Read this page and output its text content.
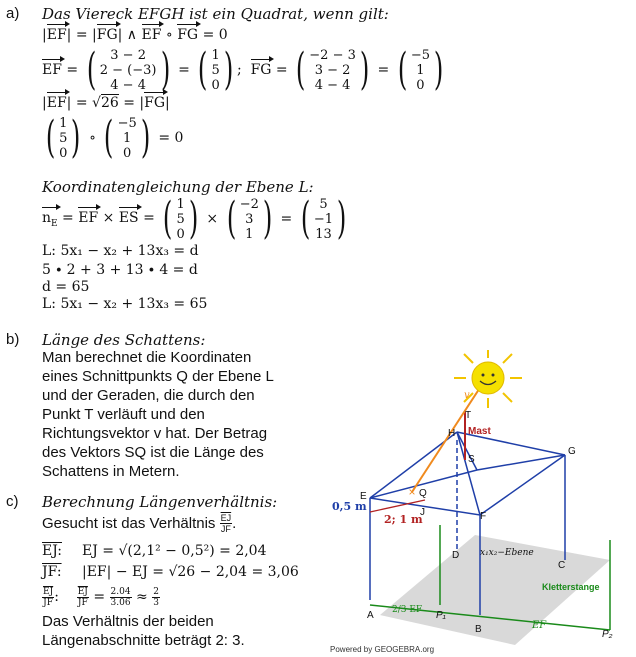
a) Das Viereck EFGH ist ein Quadrat, wenn gilt:
|EF| = |FG| ∧ EF ∘ FG = 0
EF = ( 3 − 2
2 − (−3)
4 − 4 ) = ( 1
5
0 ) ; FG = ( −2 − 3
3 − 2
4 − 4 ) = ( −5
1
0 )
|EF| = √26 = |FG|
( 1
5
0 ) ∘ ( −5
1
0 )
= 0
Koordinatengleichung der Ebene L:
$n_E$ = EF × ES =
( 1
5
0 ) × ( −2
3
1 ) = ( 5
−1
13 )
L: 5x₁ − x₂ + 13x₃ = d
5 ∙ 2 + 3 + 13 ∙ 4 = d
d = 65
L: 5x₁ − x₂ + 13x₃ = 65
b) Länge des Schattens:
Man berechnet die Koordinaten
eines Schnittpunkts Q der Ebene L
und der Geraden, die durch den
Punkt T verläuft und den
Richtungsvektor v hat. Der Betrag
des Vektors SQ ist die Länge des
Schattens in Metern.
c) Berechnung Längenverhältnis:
Gesucht ist das Verhältnis
$\frac{\overline{EJ}}{JF}$ .
EJ: EJ = √(2,1² − 0,5²) = 2,04
JF: |EF| − EJ = √26 − 2,04 = 3,06
$\frac{\overline{EJ}}{JF}$ : $\frac{\overline{EJ}}{JF} = \frac{2.04}{3.06}$
≈
$\frac{2}{3}$
Das Verhältnis der beiden
Längenabschnitte beträgt 2: 3.
×
T
H
S
G
E	Q
J	F
D
C
A
B
P₁
P₂
v
Mast
0,5 m
2; 1 m
x₁x₂−Ebene
Kletterstange
2/3 EF
EF
Powered by GEOGEBRA.org
